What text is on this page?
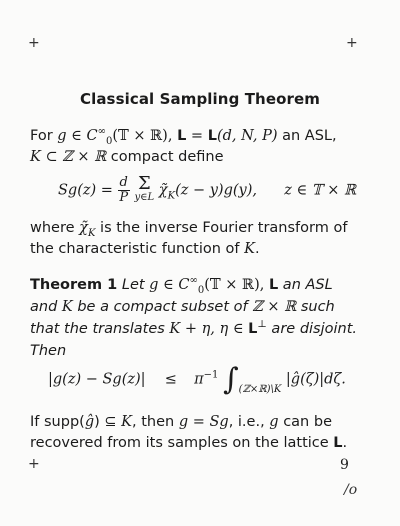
+	+
Classical Sampling Theorem
For g ∈ $C^\infty_0(𝕋$ × ℝ), L = L(d, N, P) an ASL,
K ⊂ ℤ × ℝ compact define
$Sg(z) = \frac{d}{P}$
Σ
y∈L $\chĩ_K(z - y)g(y)$, z ∈ 𝕋 × ℝ
where $\chĩ_K$ is the inverse Fourier transform of
the characteristic function of K.
Theorem 1 Let g ∈ $C^\infty_0(𝕋$ × ℝ), L an ASL
and K be a compact subset of ℤ × ℝ such
that the translates K + η, η ∈ L⊥ are disjoint.
Then
$|g(z) - Sg(z)| \le \pi^{-1}$ $\int_{(ℤ\times ℝ)\backslash K}$ |ĝ(ζ)|dζ.
If supp(ĝ) ⊆ K, then g = Sg, i.e., g can be
recovered from its samples on the lattice L.
+	9
/o
